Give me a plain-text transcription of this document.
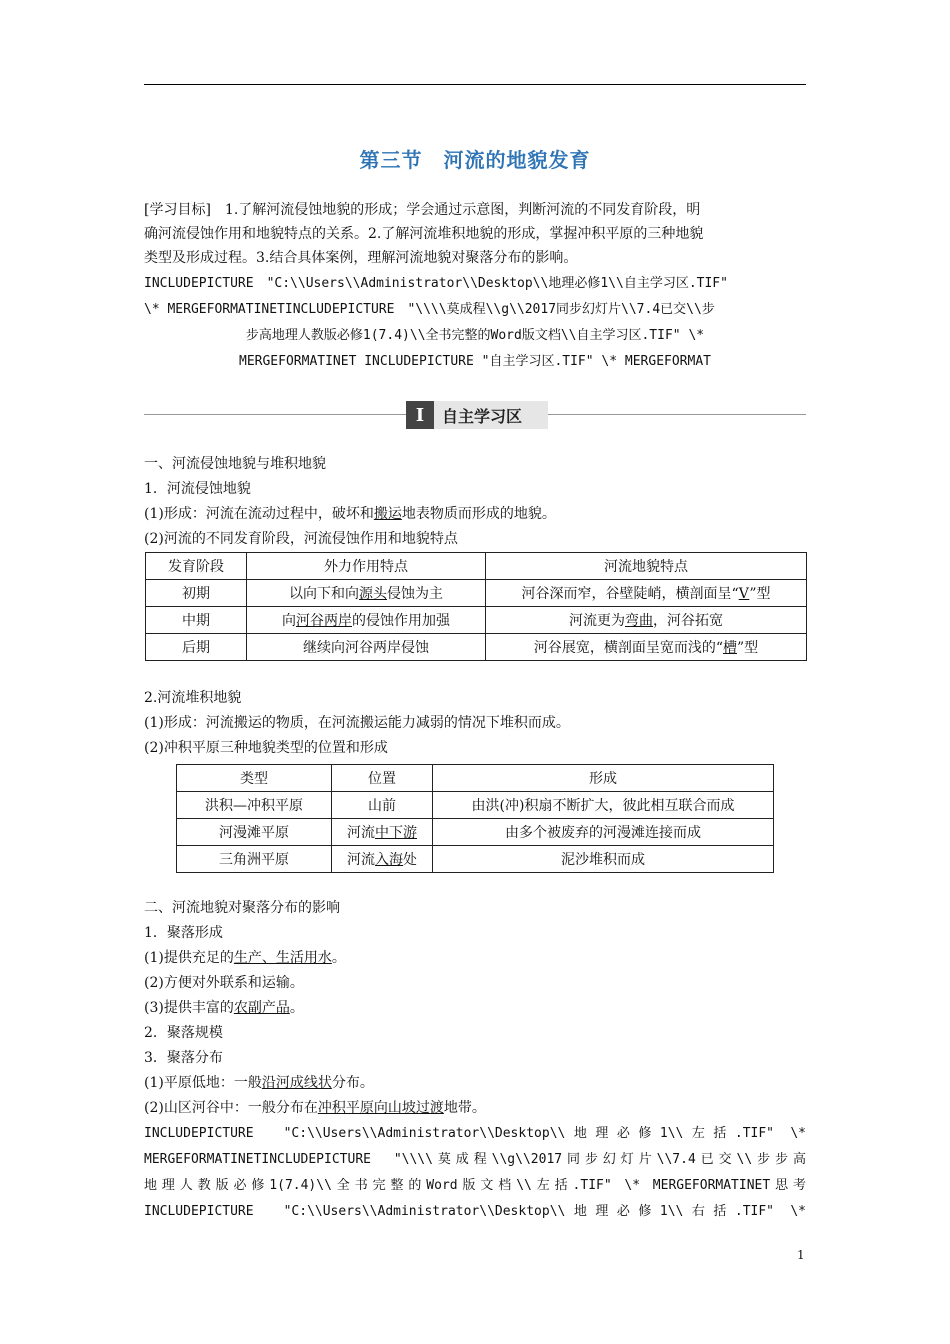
第三节　河流的地貌发育
[学习目标]　1.了解河流侵蚀地貌的形成；学会通过示意图，判断河流的不同发育阶段，明
确河流侵蚀作用和地貌特点的关系。2.了解河流堆积地貌的形成，掌握冲积平原的三种地貌
类型及形成过程。3.结合具体案例，理解河流地貌对聚落分布的影响。
INCLUDEPICTURE　"C:\\Users\\Administrator\\Desktop\\地理必修1\\自主学习区.TIF"
\* MERGEFORMATINETINCLUDEPICTURE　"\\\\莫成程\\g\\2017同步幻灯片\\7.4已交\\步
步高地理人教版必修1(7.4)\\全书完整的Word版文档\\自主学习区.TIF" \*
MERGEFORMATINET INCLUDEPICTURE "自主学习区.TIF" \* MERGEFORMAT
I	自主学习区
一、河流侵蚀地貌与堆积地貌
1．河流侵蚀地貌
(1)形成：河流在流动过程中，破坏和搬运地表物质而形成的地貌。
(2)河流的不同发育阶段，河流侵蚀作用和地貌特点
发育阶段	外力作用特点	河流地貌特点
初期	以向下和向源头侵蚀为主	河谷深而窄，谷壁陡峭，横剖面呈“V”型
中期	向河谷两岸的侵蚀作用加强	河流更为弯曲，河谷拓宽
后期	继续向河谷两岸侵蚀	河谷展宽，横剖面呈宽而浅的“槽”型
2.河流堆积地貌
(1)形成：河流搬运的物质，在河流搬运能力减弱的情况下堆积而成。
(2)冲积平原三种地貌类型的位置和形成
类型	位置	形成
洪积—冲积平原	山前	由洪(冲)积扇不断扩大，彼此相互联合而成
河漫滩平原	河流中下游	由多个被废弃的河漫滩连接而成
三角洲平原	河流入海处	泥沙堆积而成
二、河流地貌对聚落分布的影响
1．聚落形成
(1)提供充足的生产、生活用水。
(2)方便对外联系和运输。
(3)提供丰富的农副产品。
2．聚落规模
3．聚落分布
(1)平原低地：一般沿河成线状分布。
(2)山区河谷中：一般分布在冲积平原向山坡过渡地带。
INCLUDEPICTURE　"C:\\Users\\Administrator\\Desktop\\地理必修1\\左括.TIF" \*
MERGEFORMATINETINCLUDEPICTURE　"\\\\莫成程\\g\\2017同步幻灯片\\7.4已交\\步步高
地理人教版必修1(7.4)\\全书完整的Word版文档\\左括.TIF" \* MERGEFORMATINET思考
INCLUDEPICTURE　"C:\\Users\\Administrator\\Desktop\\地理必修1\\右括.TIF" \*
1
